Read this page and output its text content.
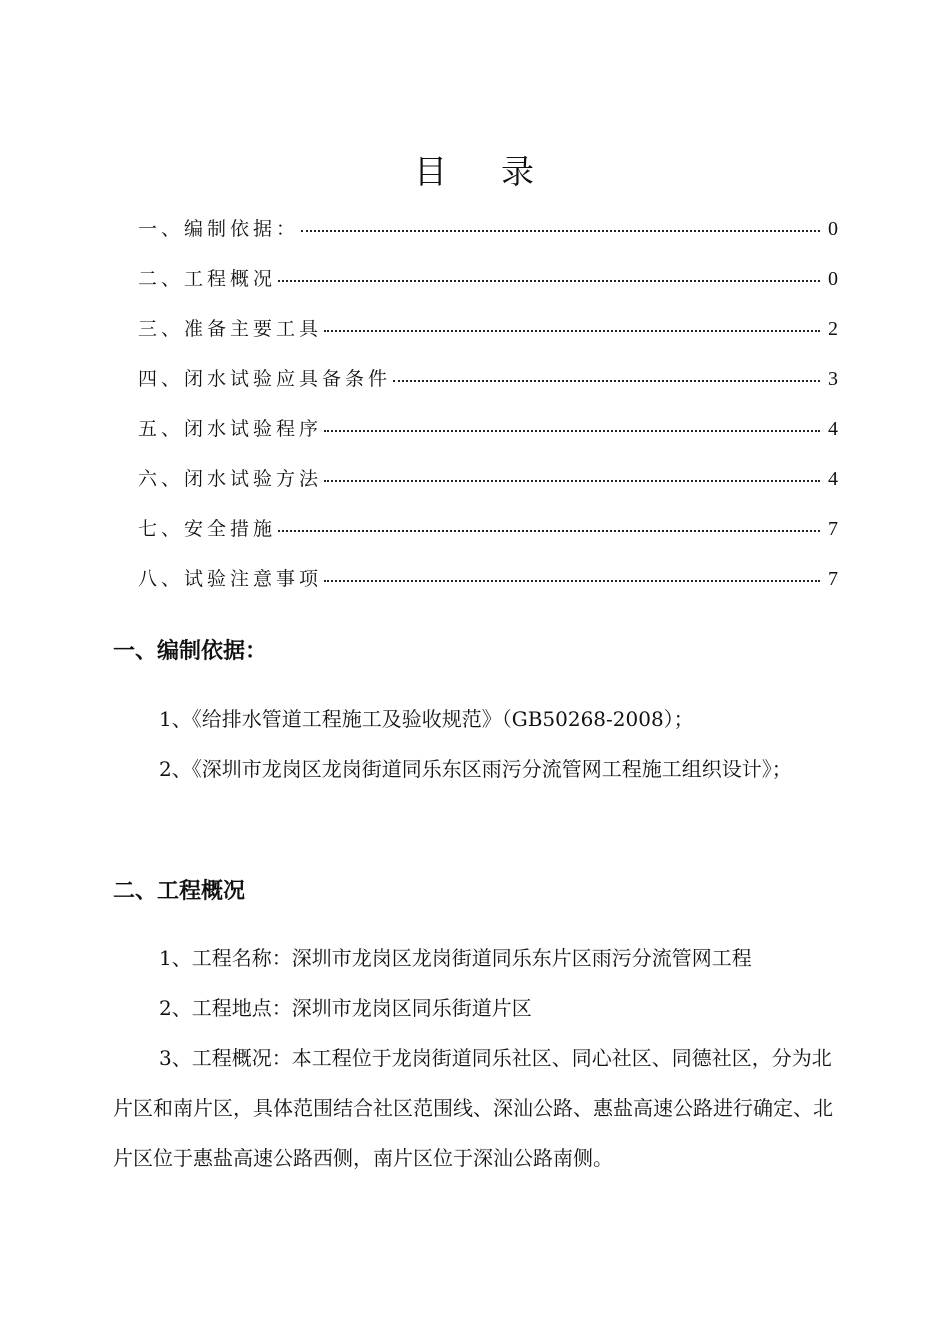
目 录
一、编制依据：	0
二、工程概况	0
三、准备主要工具	2
四、闭水试验应具备条件	3
五、闭水试验程序	4
六、闭水试验方法	4
七、安全措施	7
八、试验注意事项	7
一、编制依据：
1、《给排水管道工程施工及验收规范》（GB50268-2008）；
2、《深圳市龙岗区龙岗街道同乐东区雨污分流管网工程施工组织设计》；
二、工程概况
1、工程名称：深圳市龙岗区龙岗街道同乐东片区雨污分流管网工程
2、工程地点：深圳市龙岗区同乐街道片区
3、工程概况：本工程位于龙岗街道同乐社区、同心社区、同德社区，分为北片区和南片区，具体范围结合社区范围线、深汕公路、惠盐高速公路进行确定、北片区位于惠盐高速公路西侧，南片区位于深汕公路南侧。
